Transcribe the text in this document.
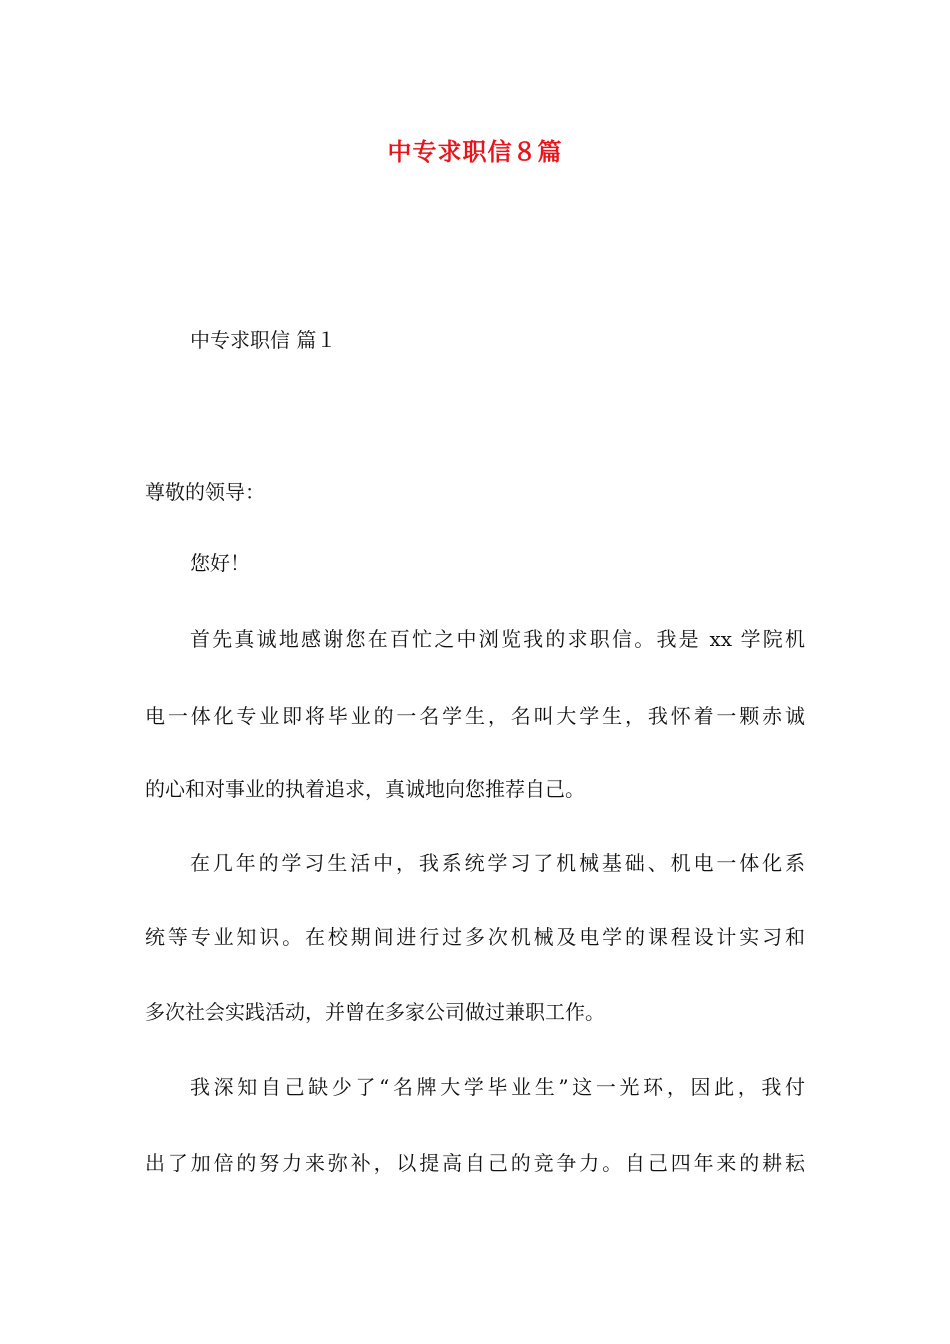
中专求职信８篇
中专求职信 篇１
尊敬的领导：
您好！
首先真诚地感谢您在百忙之中浏览我的求职信。我是 xx 学院机
电一体化专业即将毕业的一名学生，名叫大学生，我怀着一颗赤诚
的心和对事业的执着追求，真诚地向您推荐自己。
在几年的学习生活中，我系统学习了机械基础、机电一体化系
统等专业知识。在校期间进行过多次机械及电学的课程设计实习和
多次社会实践活动，并曾在多家公司做过兼职工作。
我深知自己缺少了“名牌大学毕业生”这一光环，因此，我付
出了加倍的努力来弥补，以提高自己的竞争力。自己四年来的耕耘
